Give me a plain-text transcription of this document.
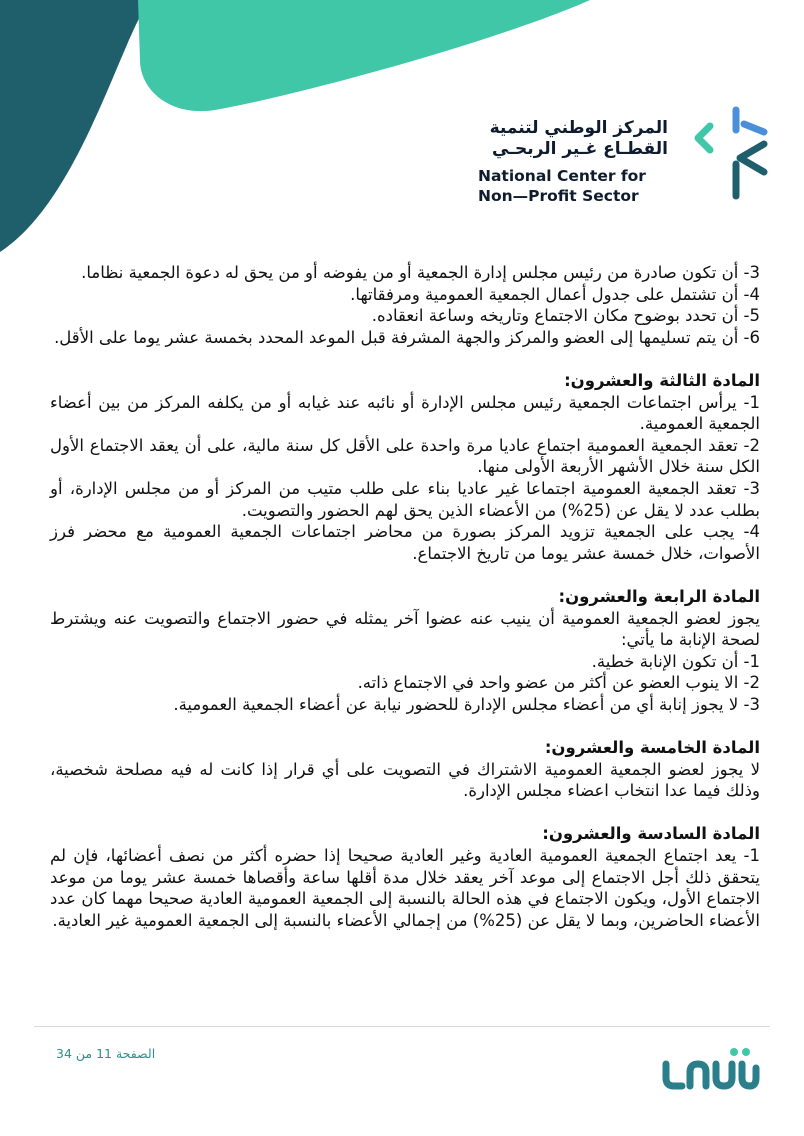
المركز الوطني لتنمية
القطـاع غـير الربحـي
National Center for
Non—Profit Sector

3- أن تكون صادرة من رئيس مجلس إدارة الجمعية أو من يفوضه أو من يحق له دعوة الجمعية نظاما.

4- أن تشتمل على جدول أعمال الجمعية العمومية ومرفقاتها.

5- أن تحدد بوضوح مكان الاجتماع وتاريخه وساعة انعقاده.

6- أن يتم تسليمها إلى العضو والمركز والجهة المشرفة قبل الموعد المحدد بخمسة عشر يوما على الأقل.

المادة الثالثة والعشرون:

1- يرأس اجتماعات الجمعية رئيس مجلس الإدارة أو نائبه عند غيابه أو من يكلفه المركز من بين أعضاء الجمعية العمومية.

2- تعقد الجمعية العمومية اجتماع عاديا مرة واحدة على الأقل كل سنة مالية، على أن يعقد الاجتماع الأول الكل سنة خلال الأشهر الأربعة الأولى منها.

3- تعقد الجمعية العمومية اجتماعا غير عاديا بناء على طلب متيب من المركز أو من مجلس الإدارة، أو بطلب عدد لا يقل عن (25%) من الأعضاء الذين يحق لهم الحضور والتصويت.

4- يجب على الجمعية تزويد المركز بصورة من محاضر اجتماعات الجمعية العمومية مع محضر فرز الأصوات، خلال خمسة عشر يوما من تاريخ الاجتماع.

المادة الرابعة والعشرون:

يجوز لعضو الجمعية العمومية أن ينيب عنه عضوا آخر يمثله في حضور الاجتماع والتصويت عنه ويشترط لصحة الإنابة ما يأتي:

1- أن تكون الإنابة خطية.

2- الا ينوب العضو عن أكثر من عضو واحد في الاجتماع ذاته.

3- لا يجوز إنابة أي من أعضاء مجلس الإدارة للحضور نيابة عن أعضاء الجمعية العمومية.

المادة الخامسة والعشرون:

لا يجوز لعضو الجمعية العمومية الاشتراك في التصويت على أي قرار إذا كانت له فيه مصلحة شخصية، وذلك فيما عدا انتخاب اعضاء مجلس الإدارة.

المادة السادسة والعشرون:

1- يعد اجتماع الجمعية العمومية العادية وغير العادية صحيحا إذا حضره أكثر من نصف أعضائها، فإن لم يتحقق ذلك أجل الاجتماع إلى موعد آخر يعقد خلال مدة أقلها ساعة وأقصاها خمسة عشر يوما من موعد الاجتماع الأول، ويكون الاجتماع في هذه الحالة بالنسبة إلى الجمعية العمومية العادية صحيحا مهما كان عدد الأعضاء الحاضرين، وبما لا يقل عن (25%) من إجمالي الأعضاء بالنسبة إلى الجمعية العمومية غير العادية.

الصفحة 11 من 34
